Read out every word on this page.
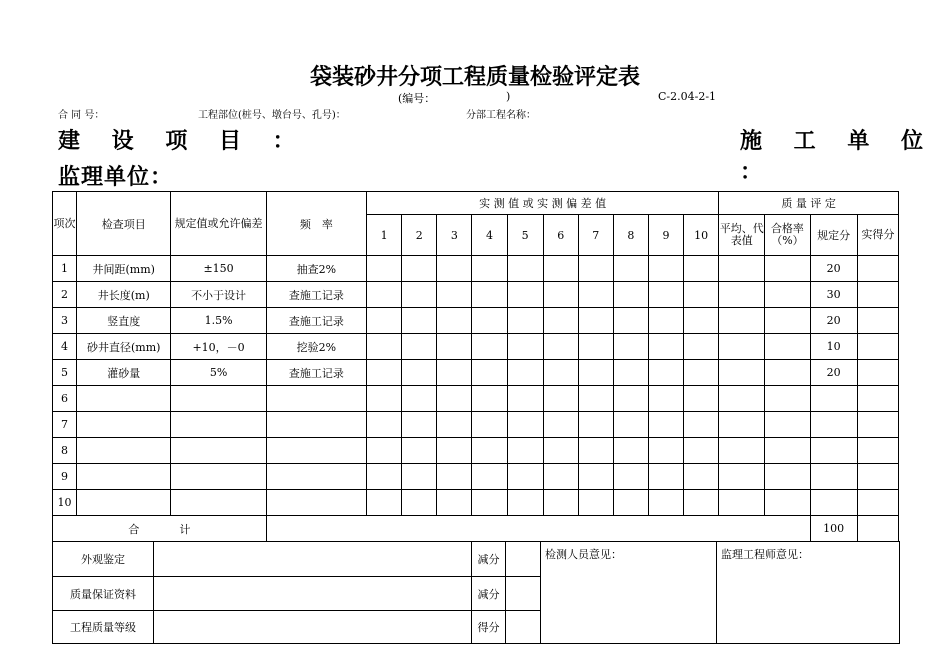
袋装砂井分项工程质量检验评定表
(编号：	)	C-2.04-2-1
合 同 号：	工程部位(桩号、墩台号、孔号)：	分部工程名称：
建 设 项 目 ：	施 工 单 位 ：
监理单位：
项次	检查项目	规定值或允许偏差	频　率	实 测 值 或 实 测 偏 差 值										质 量 评 定			
				1	2	3	4	5	6	7	8	9	10	平均、代表值	合格率（%）	规定分	实得分
1	井间距(mm)	±150	抽查2%													20	
2	井长度(m)	不小于设计	查施工记录													30	
3	竖直度	1.5%	查施工记录													20	
4	砂井直径(mm)	+10，－0	挖验2%													10	
5	灌砂量	5%	查施工记录													20	
6																	
7																	
8																	
9																	
10																	
合 计																100	
外观鉴定		减分		检测人员意见：	监理工程师意见：
质量保证资料		减分			
工程质量等级		得分			
